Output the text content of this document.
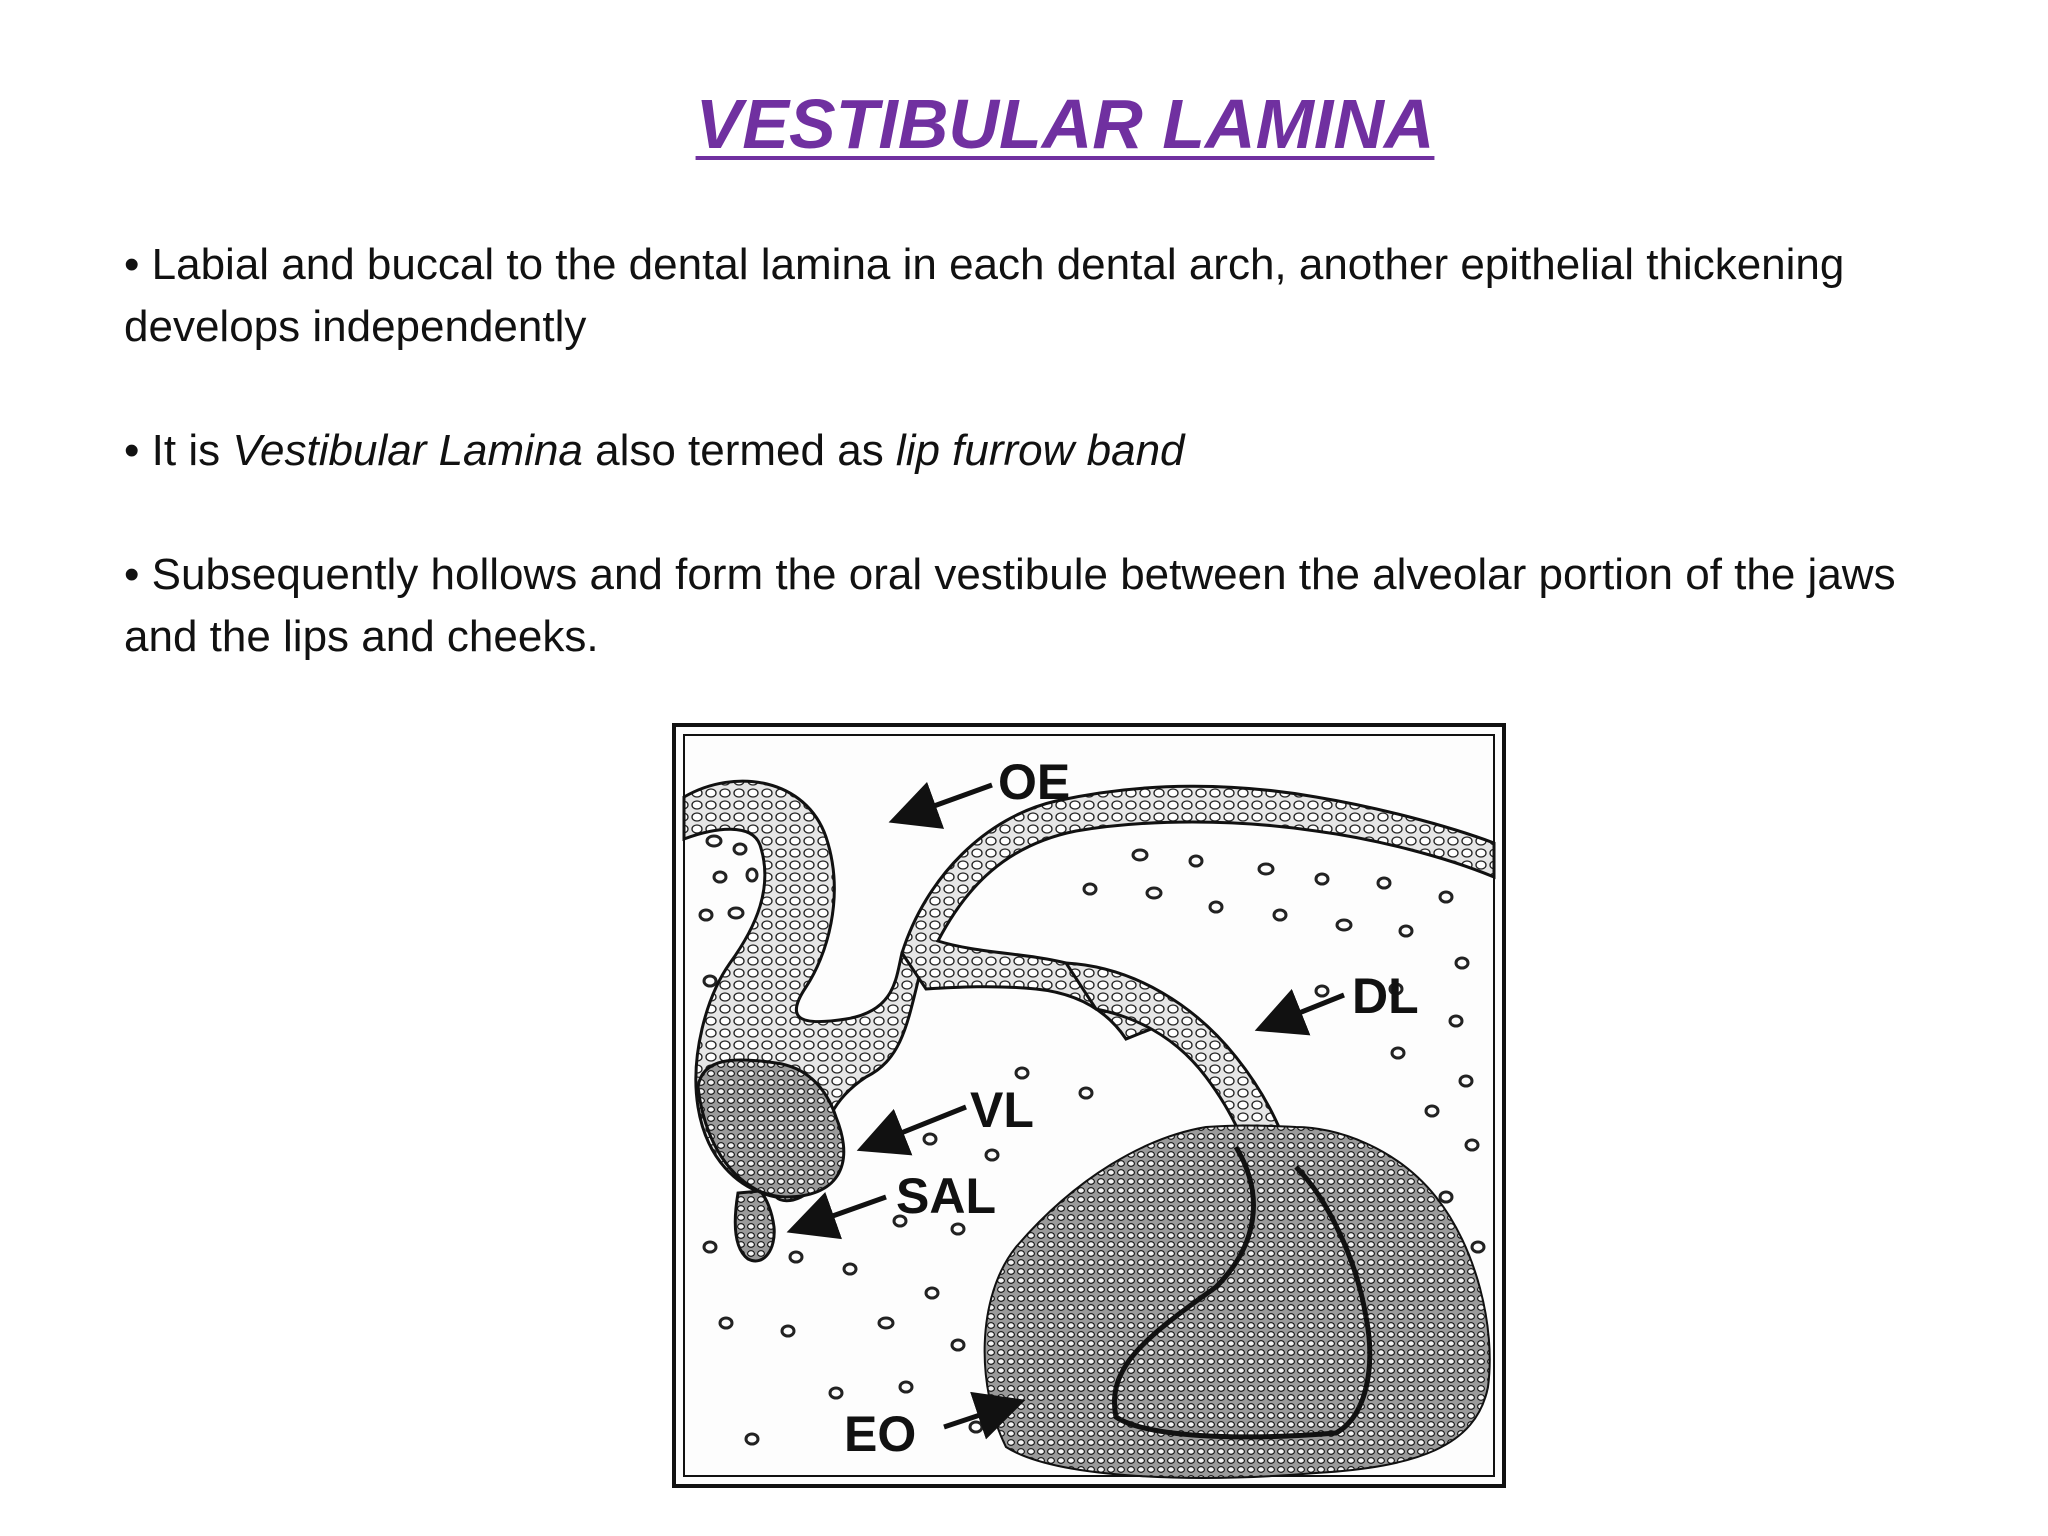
VESTIBULAR LAMINA

• Labial and buccal to the dental lamina in each dental arch, another epithelial thickening develops independently

• It is Vestibular Lamina also termed as lip furrow band

• Subsequently hollows and form the oral vestibule between the alveolar portion of the jaws and the lips and cheeks.

OE
DL
VL
SAL
EO
